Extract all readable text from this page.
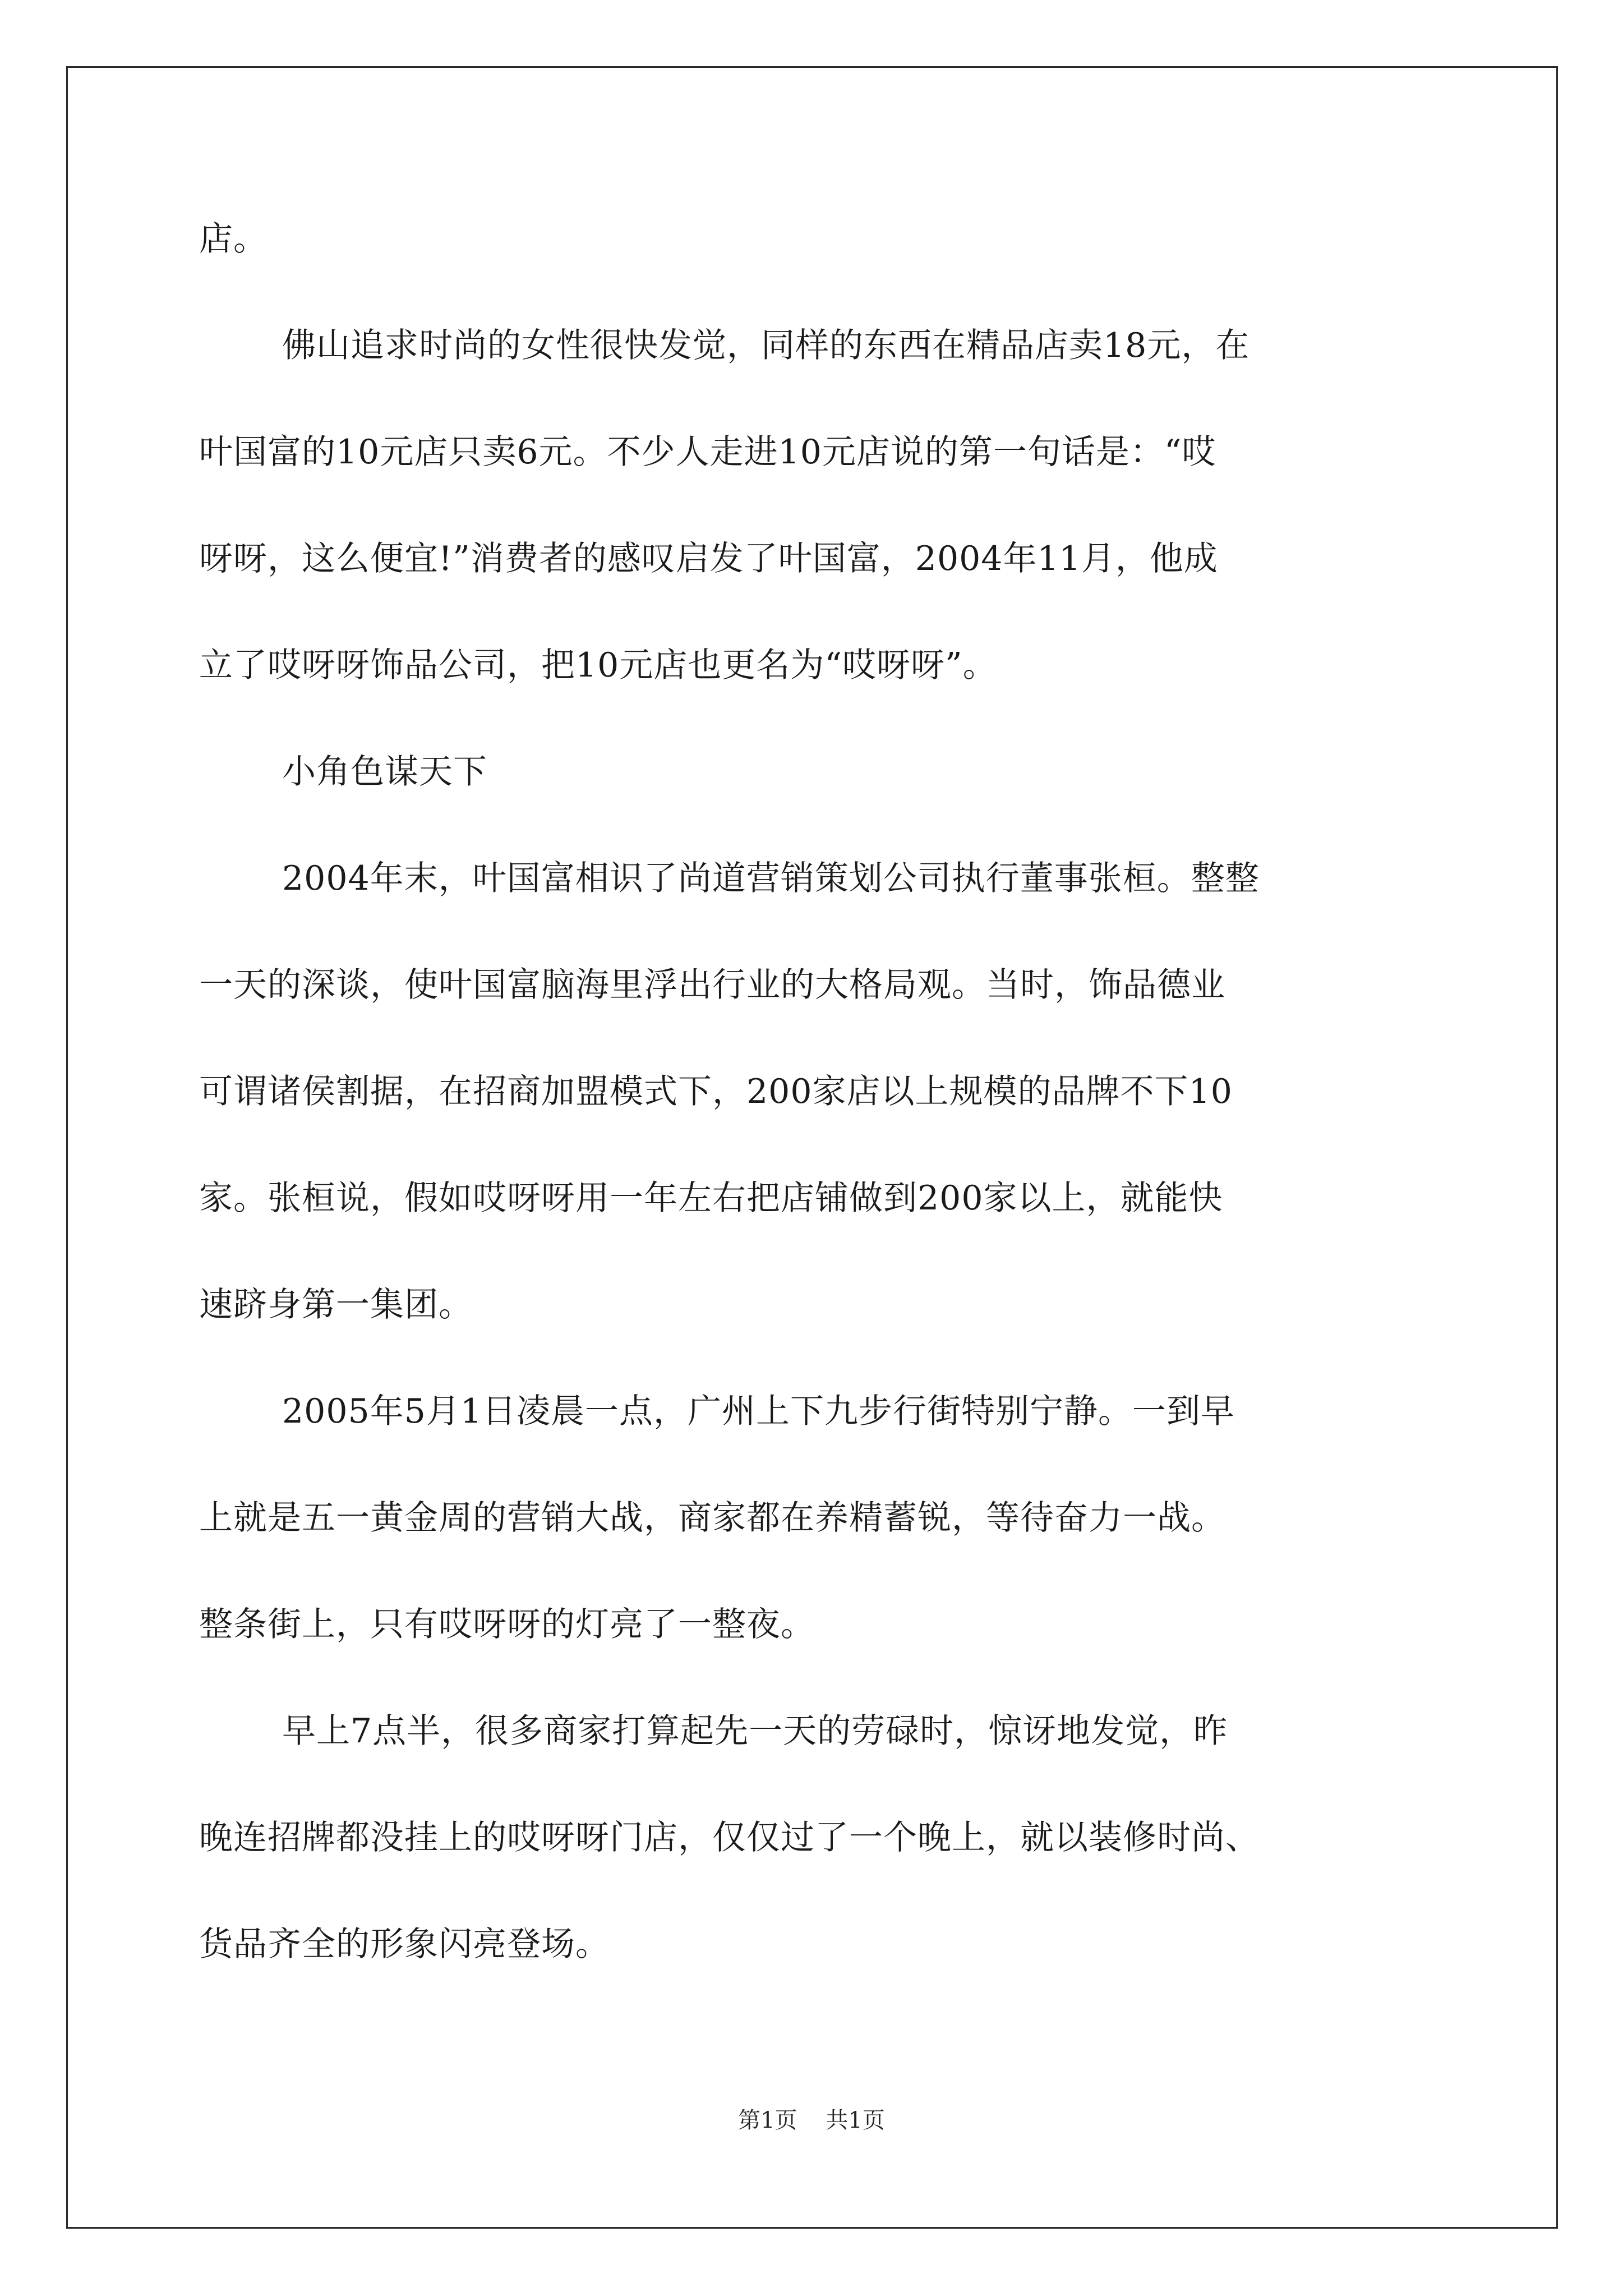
店。
佛山追求时尚的女性很快发觉，同样的东西在精品店卖18元，在
叶国富的10元店只卖6元。不少人走进10元店说的第一句话是：“哎
呀呀，这么便宜!”消费者的感叹启发了叶国富，2004年11月，他成
立了哎呀呀饰品公司，把10元店也更名为“哎呀呀”。
小角色谋天下
2004年末，叶国富相识了尚道营销策划公司执行董事张桓。整整
一天的深谈，使叶国富脑海里浮出行业的大格局观。当时，饰品德业
可谓诸侯割据，在招商加盟模式下，200家店以上规模的品牌不下10
家。张桓说，假如哎呀呀用一年左右把店铺做到200家以上，就能快
速跻身第一集团。
2005年5月1日凌晨一点，广州上下九步行街特别宁静。一到早
上就是五一黄金周的营销大战，商家都在养精蓄锐，等待奋力一战。
整条街上，只有哎呀呀的灯亮了一整夜。
早上7点半，很多商家打算起先一天的劳碌时，惊讶地发觉，昨
晚连招牌都没挂上的哎呀呀门店，仅仅过了一个晚上，就以装修时尚、
货品齐全的形象闪亮登场。
第1页    共1页
